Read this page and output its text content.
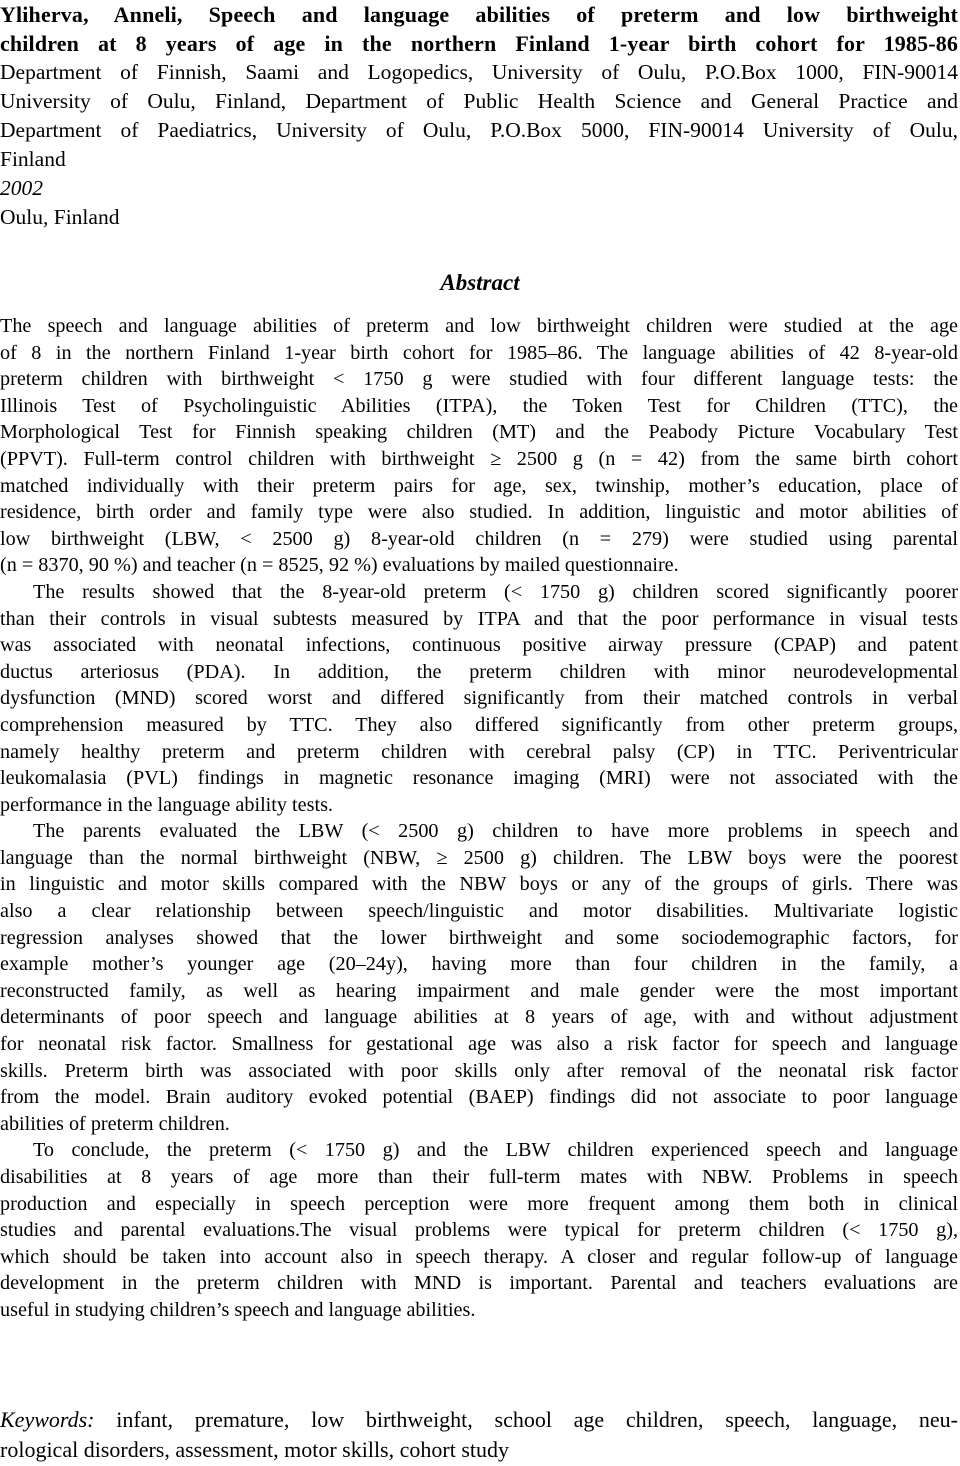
Yliherva, Anneli, Speech and language abilities of preterm and low birthweight
children at 8 years of age in the northern Finland 1-year birth cohort for 1985-86
Department of Finnish, Saami and Logopedics, University of Oulu, P.O.Box 1000, FIN-90014
University of Oulu, Finland, Department of Public Health Science and General Practice and
Department of Paediatrics, University of Oulu, P.O.Box 5000, FIN-90014 University of Oulu,
Finland
2002
Oulu, Finland
Abstract
The speech and language abilities of preterm and low birthweight children were studied at the age
of 8 in the northern Finland 1-year birth cohort for 1985–86. The language abilities of 42 8-year-old
preterm children with birthweight < 1750 g were studied with four different language tests: the
Illinois Test of Psycholinguistic Abilities (ITPA), the Token Test for Children (TTC), the
Morphological Test for Finnish speaking children (MT) and the Peabody Picture Vocabulary Test
(PPVT). Full-term control children with birthweight ≥ 2500 g (n = 42) from the same birth cohort
matched individually with their preterm pairs for age, sex, twinship, mother’s education, place of
residence, birth order and family type were also studied. In addition, linguistic and motor abilities of
low birthweight (LBW, < 2500 g) 8-year-old children (n = 279) were studied using parental
(n = 8370, 90 %) and teacher (n = 8525, 92 %) evaluations by mailed questionnaire.
The results showed that the 8-year-old preterm (< 1750 g) children scored significantly poorer
than their controls in visual subtests measured by ITPA and that the poor performance in visual tests
was associated with neonatal infections, continuous positive airway pressure (CPAP) and patent
ductus arteriosus (PDA). In addition, the preterm children with minor neurodevelopmental
dysfunction (MND) scored worst and differed significantly from their matched controls in verbal
comprehension measured by TTC. They also differed significantly from other preterm groups,
namely healthy preterm and preterm children with cerebral palsy (CP) in TTC. Periventricular
leukomalasia (PVL) findings in magnetic resonance imaging (MRI) were not associated with the
performance in the language ability tests.
The parents evaluated the LBW (< 2500 g) children to have more problems in speech and
language than the normal birthweight (NBW, ≥ 2500 g) children. The LBW boys were the poorest
in linguistic and motor skills compared with the NBW boys or any of the groups of girls. There was
also a clear relationship between speech/linguistic and motor disabilities. Multivariate logistic
regression analyses showed that the lower birthweight and some sociodemographic factors, for
example mother’s younger age (20–24y), having more than four children in the family, a
reconstructed family, as well as hearing impairment and male gender were the most important
determinants of poor speech and language abilities at 8 years of age, with and without adjustment
for neonatal risk factor. Smallness for gestational age was also a risk factor for speech and language
skills. Preterm birth was associated with poor skills only after removal of the neonatal risk factor
from the model. Brain auditory evoked potential (BAEP) findings did not associate to poor language
abilities of preterm children.
To conclude, the preterm (< 1750 g) and the LBW children experienced speech and language
disabilities at 8 years of age more than their full-term mates with NBW. Problems in speech
production and especially in speech perception were more frequent among them both in clinical
studies and parental evaluations.The visual problems were typical for preterm children (< 1750 g),
which should be taken into account also in speech therapy. A closer and regular follow-up of language
development in the preterm children with MND is important. Parental and teachers evaluations are
useful in studying children’s speech and language abilities.
Keywords: infant, premature, low birthweight, school age children, speech, language, neu-
rological disorders, assessment, motor skills, cohort study
